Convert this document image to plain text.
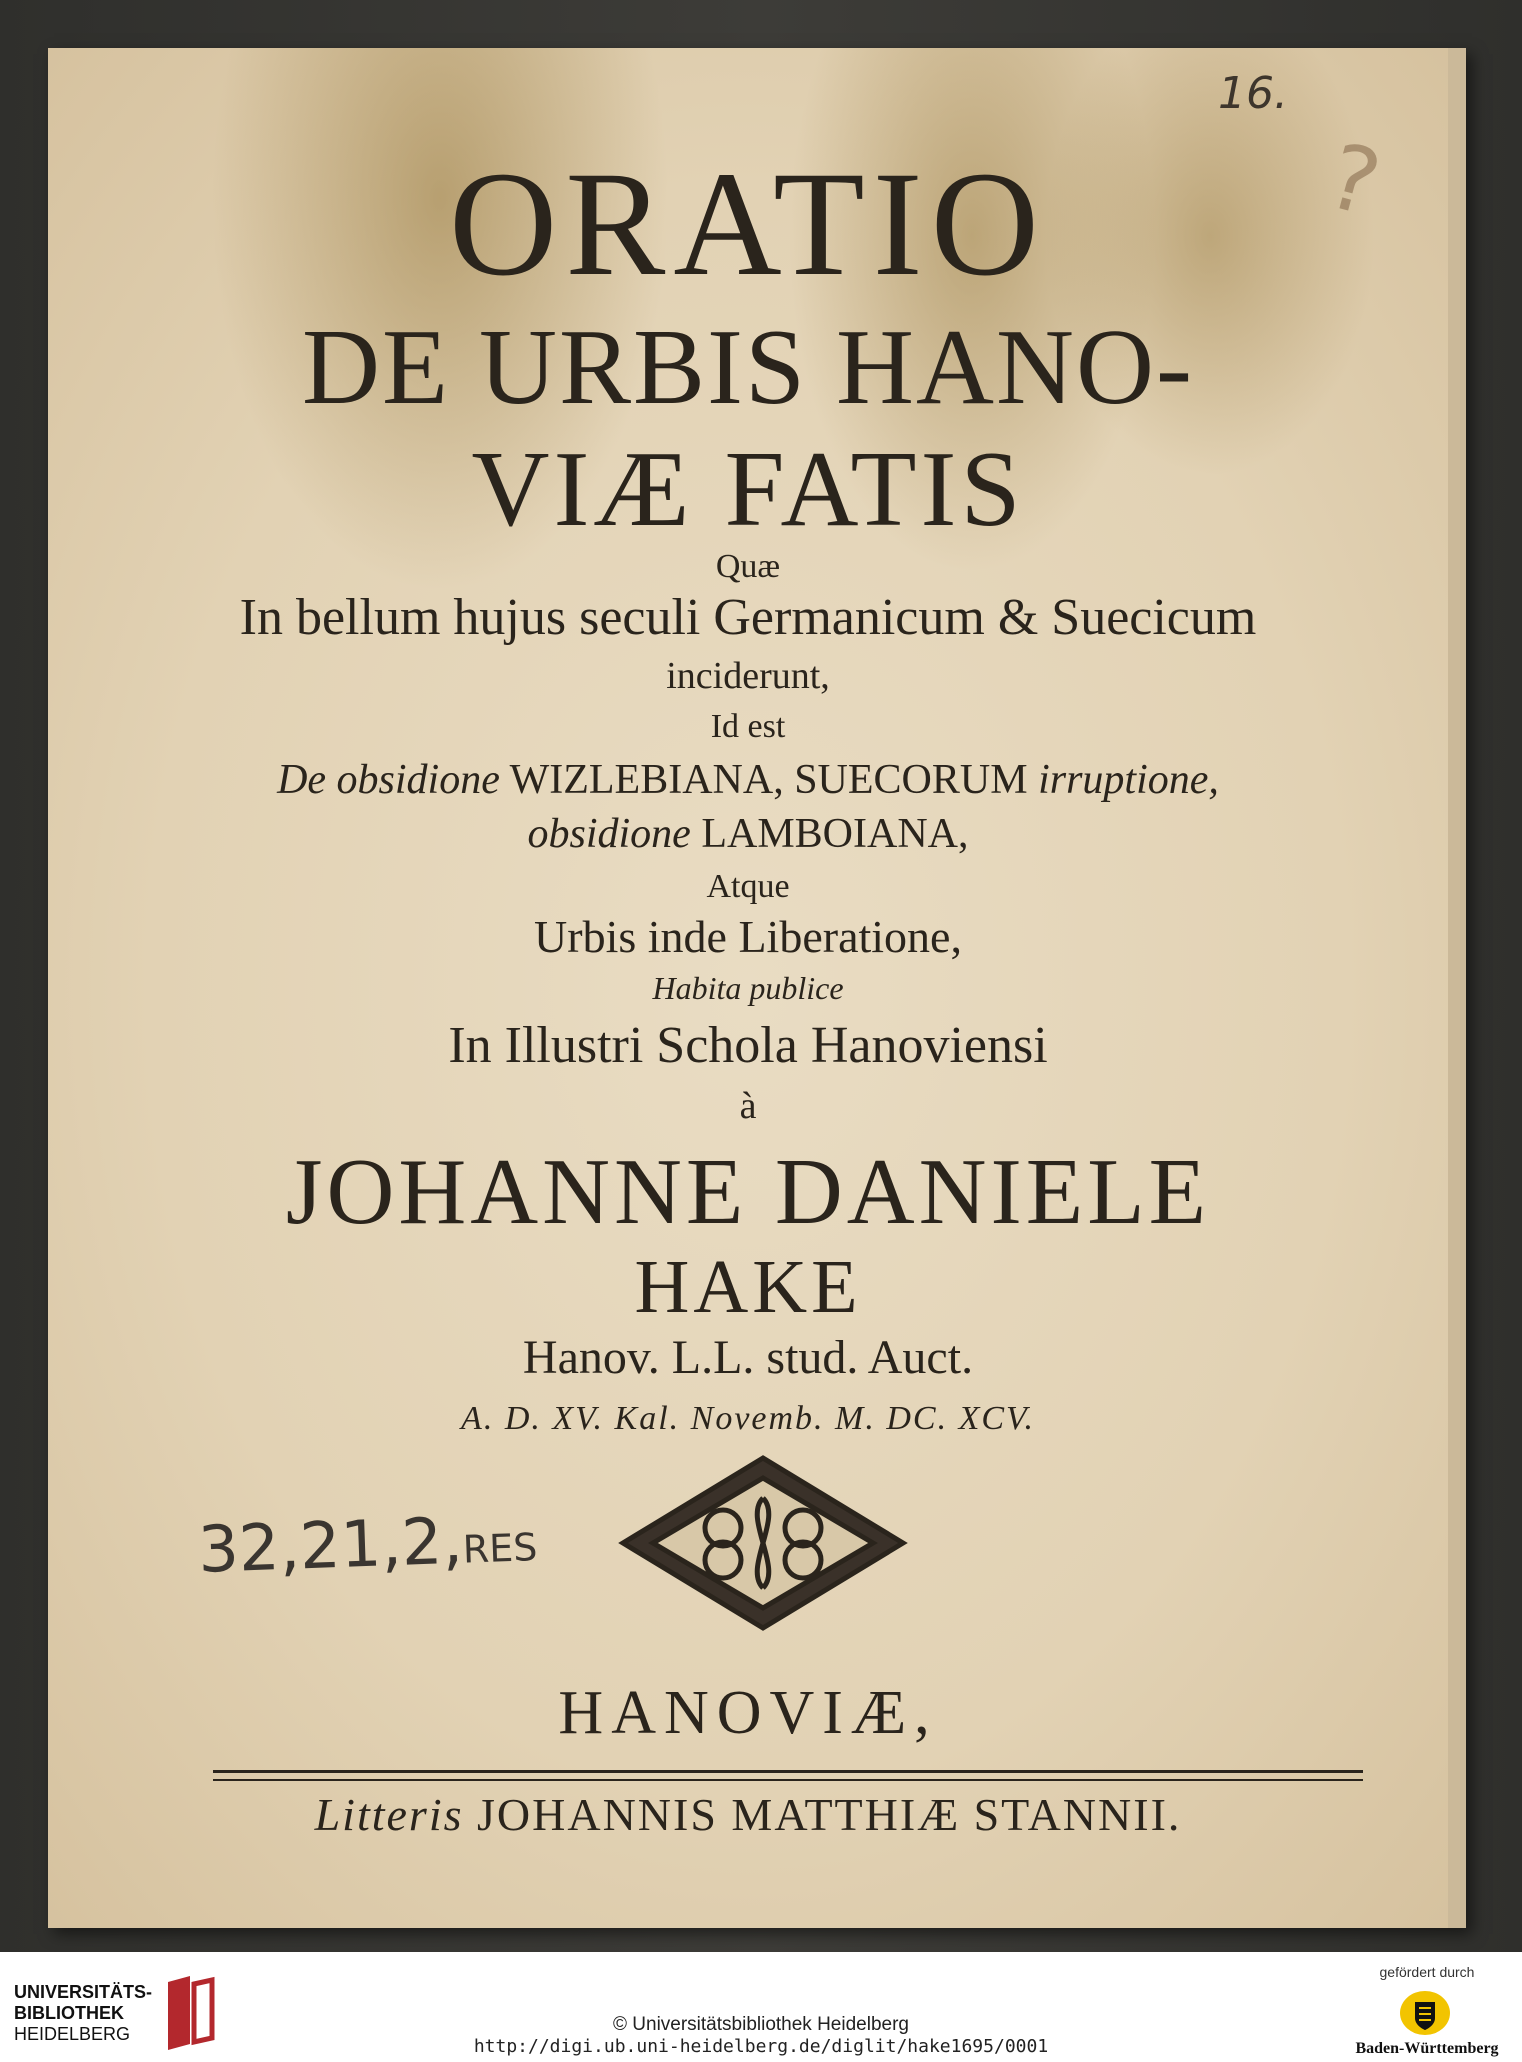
16.
?
ORATIO
DE URBIS HANO-
VIÆ FATIS
Quæ
In bellum hujus seculi Germanicum & Suecicum
inciderunt,
Id est
De obsidione WIZLEBIANA, SUECORUM irruptione,
obsidione LAMBOIANA,
Atque
Urbis inde Liberatione,
Habita publice
In Illustri Schola Hanoviensi
à
JOHANNE DANIELE
HAKE
Hanov. L.L. stud. Auct.
A. D. XV. Kal. Novemb. M. DC. XCV.
32,21,2,RES
HANOVIÆ,
Litteris JOHANNIS MATTHIÆ STANNII.
UNIVERSITÄTS-
BIBLIOTHEK
HEIDELBERG	© Universitätsbibliothek Heidelberg
http://digi.ub.uni-heidelberg.de/diglit/hake1695/0001
gefördert durch
Baden-Württemberg
